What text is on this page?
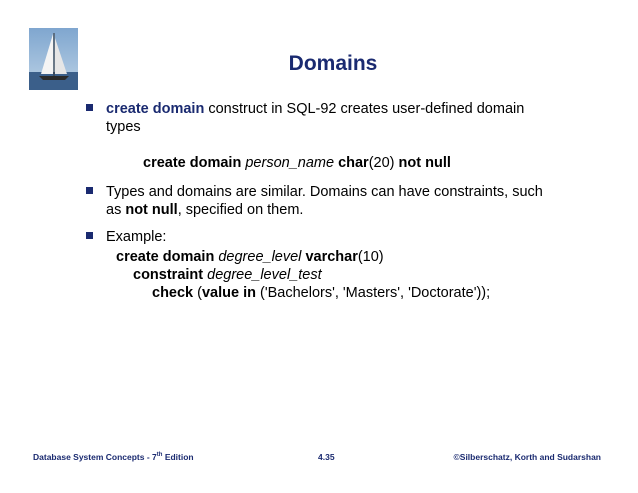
Domains
create domain construct in SQL-92 creates user-defined domain types
create domain person_name char(20) not null
Types and domains are similar. Domains can have constraints, such as not null, specified on them.
Example:
create domain degree_level varchar(10)
constraint degree_level_test
check (value in ('Bachelors', 'Masters', 'Doctorate'));
Database System Concepts - 7th Edition	4.35	©Silberschatz, Korth and Sudarshan
